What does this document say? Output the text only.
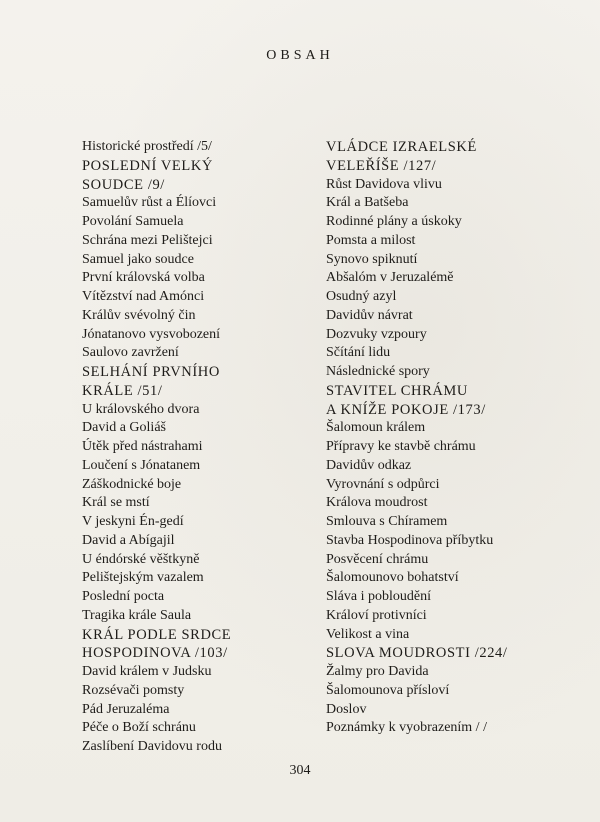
OBSAH
Historické prostředí /5/
POSLEDNÍ VELKÝ
SOUDCE /9/
Samuelův růst a Élíovci
Povolání Samuela
Schrána mezi Pelištejci
Samuel jako soudce
První královská volba
Vítězství nad Amónci
Králův svévolný čin
Jónatanovo vysvobození
Saulovo zavržení
SELHÁNÍ PRVNÍHO
KRÁLE /51/
U královského dvora
David a Goliáš
Útěk před nástrahami
Loučení s Jónatanem
Záškodnické boje
Král se mstí
V jeskyni Én-gedí
David a Abígajil
U éndórské věštkyně
Pelištejským vazalem
Poslední pocta
Tragika krále Saula
KRÁL PODLE SRDCE
HOSPODINOVA /103/
David králem v Judsku
Rozsévači pomsty
Pád Jeruzaléma
Péče o Boží schránu
Zaslíbení Davidovu rodu
VLÁDCE IZRAELSKÉ
VELEŘÍŠE /127/
Růst Davidova vlivu
Král a Batšeba
Rodinné plány a úskoky
Pomsta a milost
Synovo spiknutí
Abšalóm v Jeruzalémě
Osudný azyl
Davidův návrat
Dozvuky vzpoury
Sčítání lidu
Následnické spory
STAVITEL CHRÁMU
A KNÍŽE POKOJE /173/
Šalomoun králem
Přípravy ke stavbě chrámu
Davidův odkaz
Vyrovnání s odpůrci
Králova moudrost
Smlouva s Chíramem
Stavba Hospodinova příbytku
Posvěcení chrámu
Šalomounovo bohatství
Sláva i pobloudění
Královí protivníci
Velikost a vina
SLOVA MOUDROSTI /224/
Žalmy pro Davida
Šalomounova přísloví
Doslov
Poznámky k vyobrazením / /
304
